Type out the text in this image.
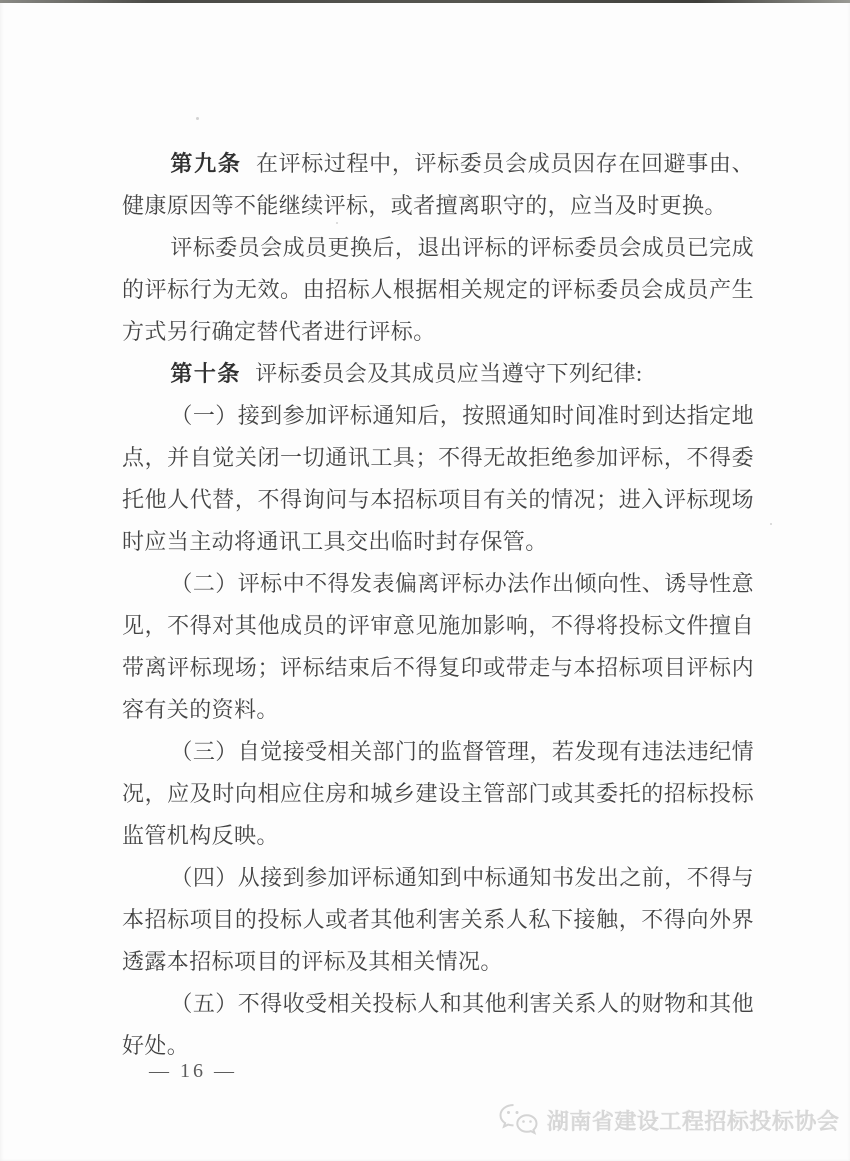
第九条 在评标过程中，评标委员会成员因存在回避事由、健康原因等不能继续评标，或者擅离职守的，应当及时更换。

评标委员会成员更换后，退出评标的评标委员会成员已完成的评标行为无效。由招标人根据相关规定的评标委员会成员产生方式另行确定替代者进行评标。

第十条 评标委员会及其成员应当遵守下列纪律:

（一）接到参加评标通知后，按照通知时间准时到达指定地点，并自觉关闭一切通讯工具；不得无故拒绝参加评标，不得委托他人代替，不得询问与本招标项目有关的情况；进入评标现场时应当主动将通讯工具交出临时封存保管。

（二）评标中不得发表偏离评标办法作出倾向性、诱导性意见，不得对其他成员的评审意见施加影响，不得将投标文件擅自带离评标现场；评标结束后不得复印或带走与本招标项目评标内容有关的资料。

（三）自觉接受相关部门的监督管理，若发现有违法违纪情况，应及时向相应住房和城乡建设主管部门或其委托的招标投标监管机构反映。

（四）从接到参加评标通知到中标通知书发出之前，不得与本招标项目的投标人或者其他利害关系人私下接触，不得向外界透露本招标项目的评标及其相关情况。

（五）不得收受相关投标人和其他利害关系人的财物和其他好处。

— 16 —
湖南省建设工程招标投标协会
